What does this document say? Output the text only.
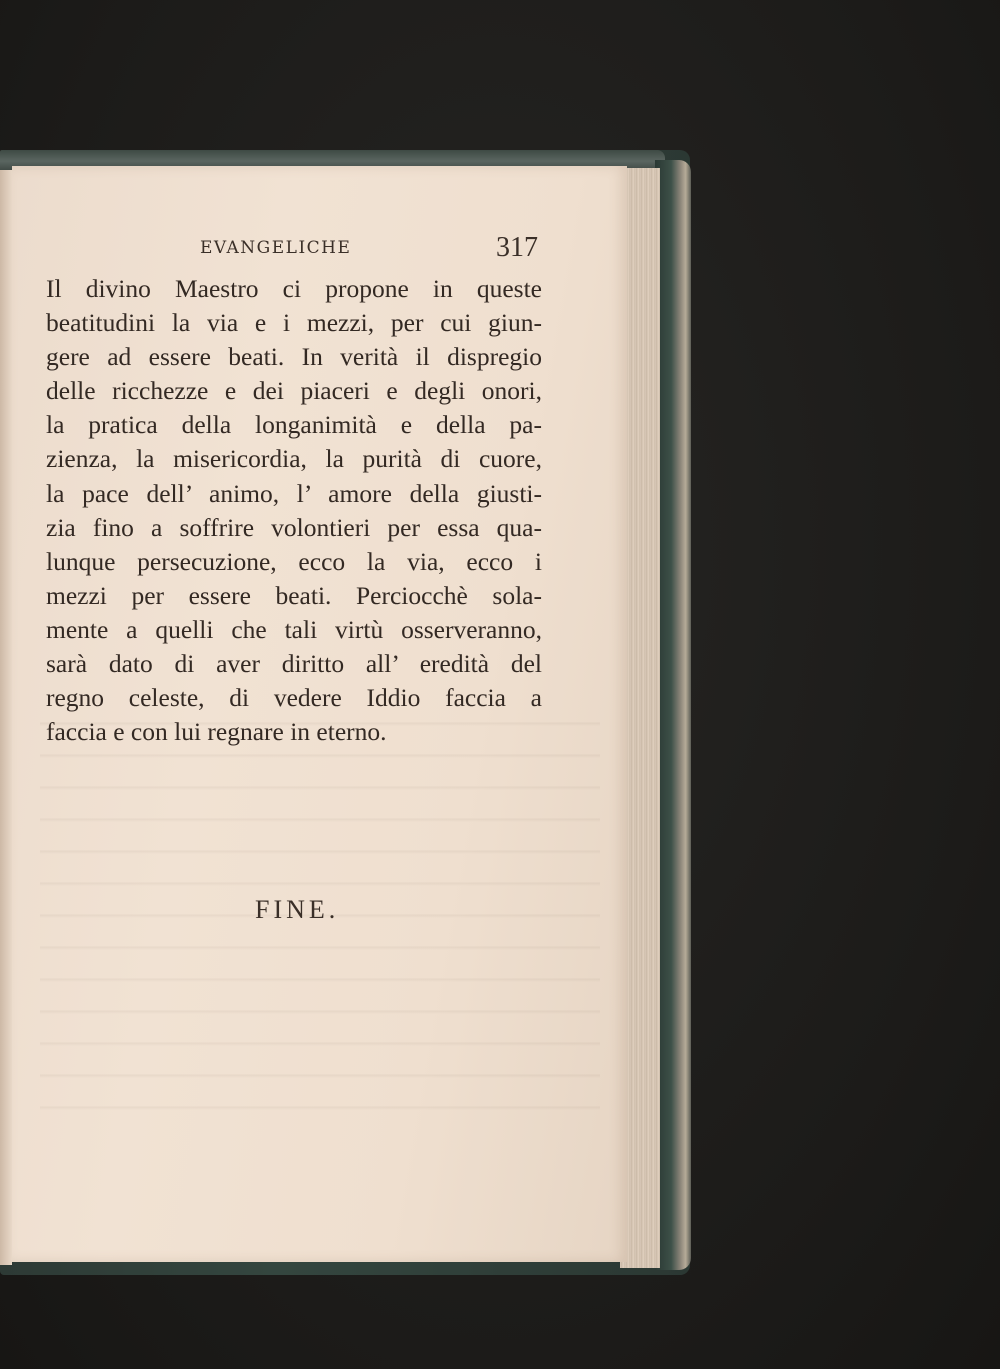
EVANGELICHE	317
Il divino Maestro ci propone in queste
beatitudini la via e i mezzi, per cui giun-
gere ad essere beati. In verità il dispregio
delle ricchezze e dei piaceri e degli onori,
la pratica della longanimità e della pa-
zienza, la misericordia, la purità di cuore,
la pace dell’ animo, l’ amore della giusti-
zia fino a soffrire volontieri per essa qua-
lunque persecuzione, ecco la via, ecco i
mezzi per essere beati. Perciocchè sola-
mente a quelli che tali virtù osserveranno,
sarà dato di aver diritto all’ eredità del
regno celeste, di vedere Iddio faccia a
faccia e con lui regnare in eterno.
FINE.
